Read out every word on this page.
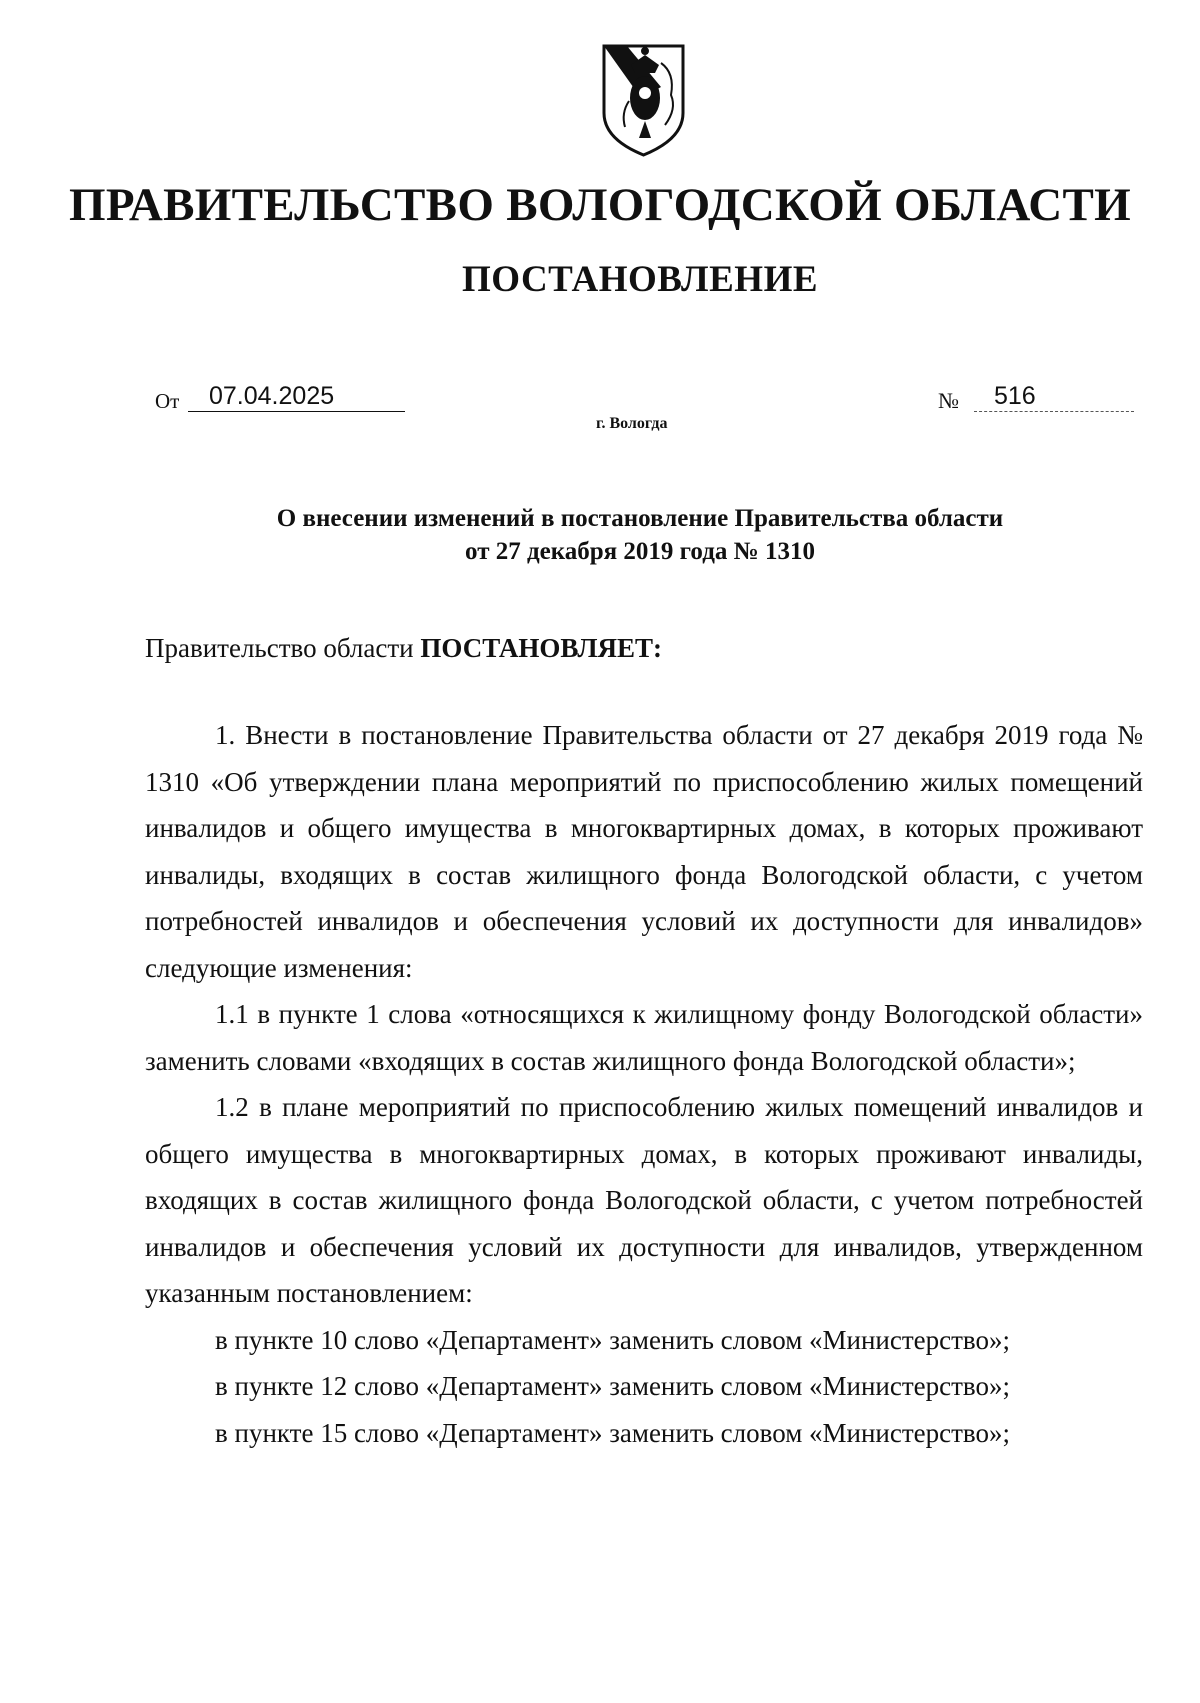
ПРАВИТЕЛЬСТВО ВОЛОГОДСКОЙ ОБЛАСТИ
ПОСТАНОВЛЕНИЕ
От	07.04.2025	№	516
г. Вологда
О внесении изменений в постановление Правительства области
от 27 декабря 2019 года № 1310
Правительство области ПОСТАНОВЛЯЕТ:

1. Внести в постановление Правительства области от 27 декабря 2019 года № 1310 «Об утверждении плана мероприятий по приспособлению жилых помещений инвалидов и общего имущества в многоквартирных домах, в которых проживают инвалиды, входящих в состав жилищного фонда Вологодской области, с учетом потребностей инвалидов и обеспечения условий их доступности для инвалидов» следующие изменения:

1.1 в пункте 1 слова «относящихся к жилищному фонду Вологодской области» заменить словами «входящих в состав жилищного фонда Вологодской области»;

1.2 в плане мероприятий по приспособлению жилых помещений инвалидов и общего имущества в многоквартирных домах, в которых проживают инвалиды, входящих в состав жилищного фонда Вологодской области, с учетом потребностей инвалидов и обеспечения условий их доступности для инвалидов, утвержденном указанным постановлением:

в пункте 10 слово «Департамент» заменить словом «Министерство»;

в пункте 12 слово «Департамент» заменить словом «Министерство»;

в пункте 15 слово «Департамент» заменить словом «Министерство»;
